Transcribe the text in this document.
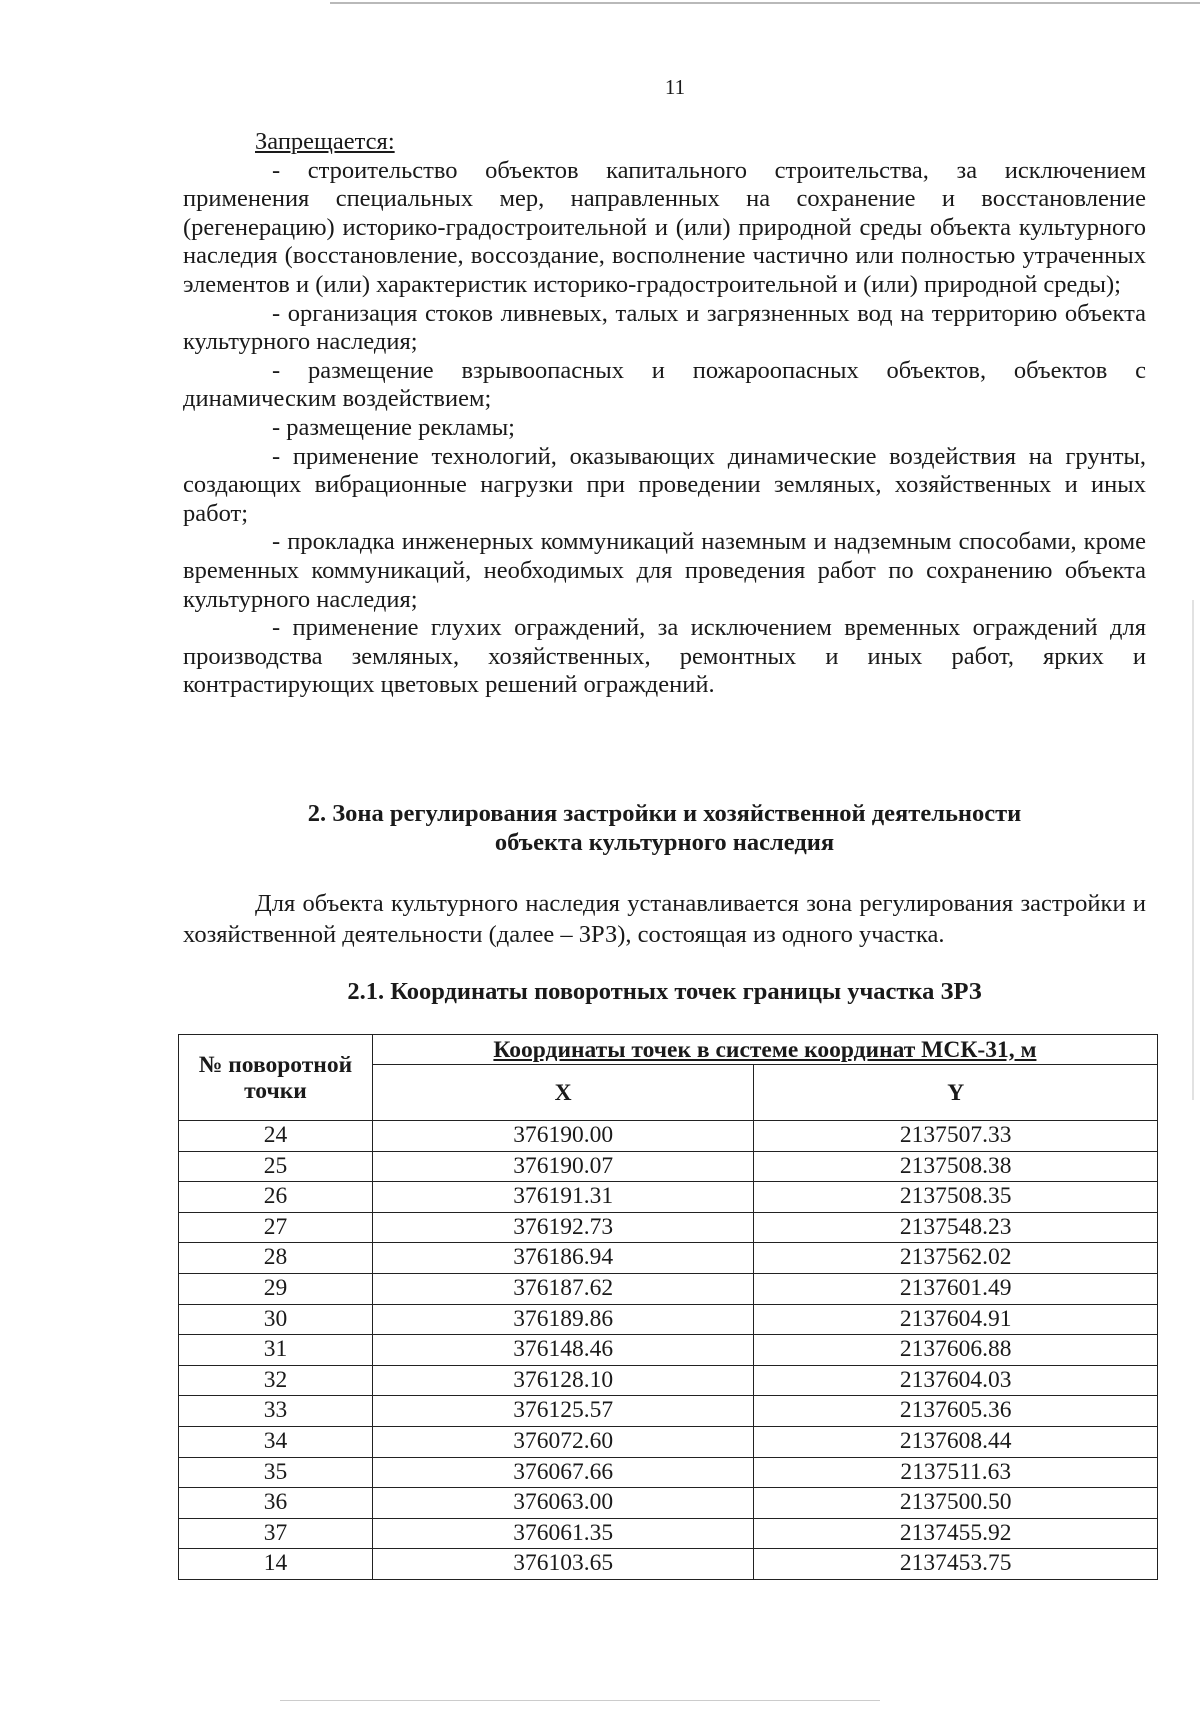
11
Запрещается:

- строительство объектов капитального строительства, за исключением применения специальных мер, направленных на сохранение и восстановление (регенерацию) историко-градостроительной и (или) природной среды объекта культурного наследия (восстановление, воссоздание, восполнение частично или полностью утраченных элементов и (или) характеристик историко-градостроительной и (или) природной среды);

- организация стоков ливневых, талых и загрязненных вод на территорию объекта культурного наследия;

- размещение взрывоопасных и пожароопасных объектов, объектов с динамическим воздействием;

- размещение рекламы;

- применение технологий, оказывающих динамические воздействия на грунты, создающих вибрационные нагрузки при проведении земляных, хозяйственных и иных работ;

- прокладка инженерных коммуникаций наземным и надземным способами, кроме временных коммуникаций, необходимых для проведения работ по сохранению объекта культурного наследия;

- применение глухих ограждений, за исключением временных ограждений для производства земляных, хозяйственных, ремонтных и иных работ, ярких и контрастирующих цветовых решений ограждений.

2. Зона регулирования застройки и хозяйственной деятельности
объекта культурного наследия

Для объекта культурного наследия устанавливается зона регулирования застройки и хозяйственной деятельности (далее – ЗРЗ), состоящая из одного участка.

2.1. Координаты поворотных точек границы участка ЗРЗ
№ поворотной точки	Координаты точек в системе координат МСК-31, м	
	X	Y
24	376190.00	2137507.33
25	376190.07	2137508.38
26	376191.31	2137508.35
27	376192.73	2137548.23
28	376186.94	2137562.02
29	376187.62	2137601.49
30	376189.86	2137604.91
31	376148.46	2137606.88
32	376128.10	2137604.03
33	376125.57	2137605.36
34	376072.60	2137608.44
35	376067.66	2137511.63
36	376063.00	2137500.50
37	376061.35	2137455.92
14	376103.65	2137453.75
